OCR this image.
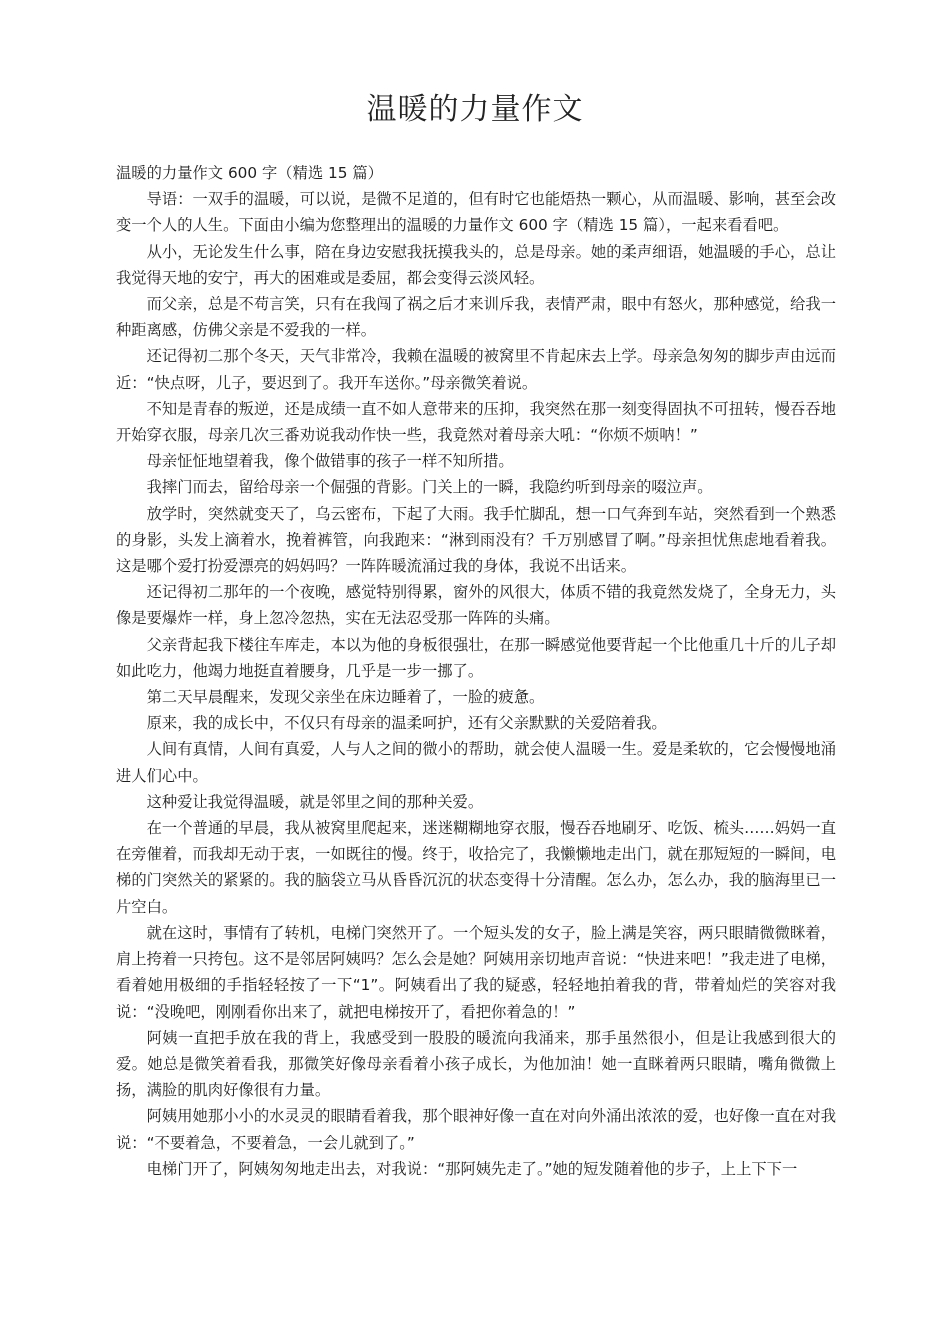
温暖的力量作文

温暖的力量作文 600 字（精选 15 篇）

导语：一双手的温暖，可以说，是微不足道的，但有时它也能焐热一颗心，从而温暖、影响，甚至会改变一个人的人生。下面由小编为您整理出的温暖的力量作文 600 字（精选 15 篇），一起来看看吧。

从小，无论发生什么事，陪在身边安慰我抚摸我头的，总是母亲。她的柔声细语，她温暖的手心，总让我觉得天地的安宁，再大的困难或是委屈，都会变得云淡风轻。

而父亲，总是不苟言笑，只有在我闯了祸之后才来训斥我，表情严肃，眼中有怒火，那种感觉，给我一种距离感，仿佛父亲是不爱我的一样。

还记得初二那个冬天，天气非常冷，我赖在温暖的被窝里不肯起床去上学。母亲急匆匆的脚步声由远而近：“快点呀，儿子，要迟到了。我开车送你。”母亲微笑着说。

不知是青春的叛逆，还是成绩一直不如人意带来的压抑，我突然在那一刻变得固执不可扭转，慢吞吞地开始穿衣服，母亲几次三番劝说我动作快一些，我竟然对着母亲大吼：“你烦不烦呐！”

母亲怔怔地望着我，像个做错事的孩子一样不知所措。

我摔门而去，留给母亲一个倔强的背影。门关上的一瞬，我隐约听到母亲的啜泣声。

放学时，突然就变天了，乌云密布，下起了大雨。我手忙脚乱，想一口气奔到车站，突然看到一个熟悉的身影，头发上滴着水，挽着裤管，向我跑来：“淋到雨没有？千万别感冒了啊。”母亲担忧焦虑地看着我。这是哪个爱打扮爱漂亮的妈妈吗？一阵阵暖流涌过我的身体，我说不出话来。

还记得初二那年的一个夜晚，感觉特别得累，窗外的风很大，体质不错的我竟然发烧了，全身无力，头像是要爆炸一样，身上忽冷忽热，实在无法忍受那一阵阵的头痛。

父亲背起我下楼往车库走，本以为他的身板很强壮，在那一瞬感觉他要背起一个比他重几十斤的儿子却如此吃力，他竭力地挺直着腰身，几乎是一步一挪了。

第二天早晨醒来，发现父亲坐在床边睡着了，一脸的疲惫。

原来，我的成长中，不仅只有母亲的温柔呵护，还有父亲默默的关爱陪着我。

人间有真情，人间有真爱，人与人之间的微小的帮助，就会使人温暖一生。爱是柔软的，它会慢慢地涌进人们心中。

这种爱让我觉得温暖，就是邻里之间的那种关爱。

在一个普通的早晨，我从被窝里爬起来，迷迷糊糊地穿衣服，慢吞吞地刷牙、吃饭、梳头……妈妈一直在旁催着，而我却无动于衷，一如既往的慢。终于，收拾完了，我懒懒地走出门，就在那短短的一瞬间，电梯的门突然关的紧紧的。我的脑袋立马从昏昏沉沉的状态变得十分清醒。怎么办，怎么办，我的脑海里已一片空白。

就在这时，事情有了转机，电梯门突然开了。一个短头发的女子，脸上满是笑容，两只眼睛微微眯着，肩上挎着一只挎包。这不是邻居阿姨吗？怎么会是她？阿姨用亲切地声音说：“快进来吧！”我走进了电梯，看着她用极细的手指轻轻按了一下“1”。阿姨看出了我的疑惑，轻轻地拍着我的背，带着灿烂的笑容对我说：“没晚吧，刚刚看你出来了，就把电梯按开了，看把你着急的！”

阿姨一直把手放在我的背上，我感受到一股股的暖流向我涌来，那手虽然很小，但是让我感到很大的爱。她总是微笑着看我，那微笑好像母亲看着小孩子成长，为他加油！她一直眯着两只眼睛，嘴角微微上扬，满脸的肌肉好像很有力量。

阿姨用她那小小的水灵灵的眼睛看着我，那个眼神好像一直在对向外涌出浓浓的爱，也好像一直在对我说：“不要着急，不要着急，一会儿就到了。”

电梯门开了，阿姨匆匆地走出去，对我说：“那阿姨先走了。”她的短发随着他的步子，上上下下一
